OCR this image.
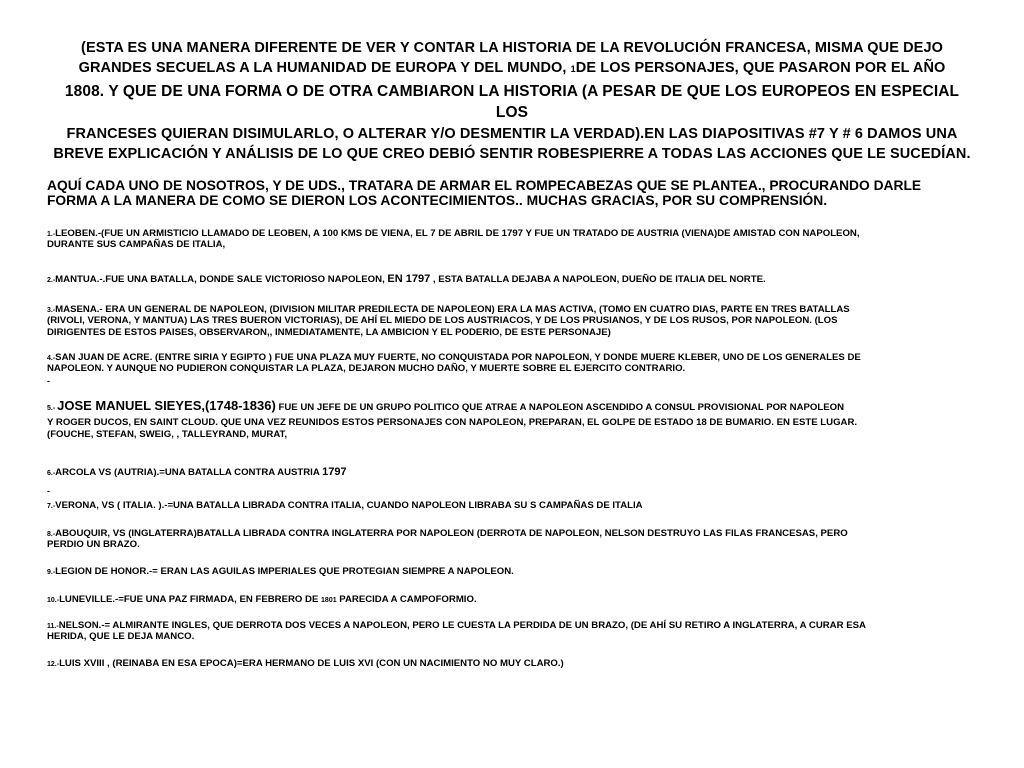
(ESTA ES UNA MANERA DIFERENTE DE VER Y CONTAR LA HISTORIA DE LA REVOLUCIÓN FRANCESA, MISMA QUE DEJO
GRANDES SECUELAS A LA HUMANIDAD DE EUROPA Y DEL MUNDO, 1DE LOS PERSONAJES, QUE PASARON POR EL AÑO
1808. Y QUE DE UNA FORMA O DE OTRA CAMBIARON LA HISTORIA (A PESAR DE QUE LOS EUROPEOS EN ESPECIAL LOS
FRANCESES QUIERAN DISIMULARLO, O ALTERAR Y/O DESMENTIR LA VERDAD).EN LAS DIAPOSITIVAS #7 Y # 6 DAMOS UNA
BREVE EXPLICACIÓN Y ANÁLISIS DE LO QUE CREO DEBIÓ SENTIR ROBESPIERRE A TODAS LAS ACCIONES QUE LE SUCEDÍAN.
AQUÍ CADA UNO DE NOSOTROS, Y DE UDS., TRATARA DE ARMAR EL ROMPECABEZAS QUE SE PLANTEA., PROCURANDO DARLE
FORMA A LA MANERA DE COMO SE DIERON LOS ACONTECIMIENTOS.. MUCHAS GRACIAS, POR SU COMPRENSIÓN.
1.-LEOBEN.-(FUE UN ARMISTICIO LLAMADO DE LEOBEN, A 100 KMS DE VIENA, EL 7 DE ABRIL DE 1797 Y FUE UN TRATADO DE AUSTRIA (VIENA)DE AMISTAD CON NAPOLEON,
DURANTE SUS CAMPAÑAS DE ITALIA,
2.-MANTUA.-.FUE UNA BATALLA, DONDE SALE VICTORIOSO NAPOLEON, EN 1797 , ESTA BATALLA DEJABA A NAPOLEON, DUEÑO DE ITALIA DEL NORTE.
3.-MASENA.- ERA UN GENERAL DE NAPOLEON, (DIVISION MILITAR PREDILECTA DE NAPOLEON) ERA LA MAS ACTIVA, (TOMO EN CUATRO DIAS, PARTE EN TRES BATALLAS
(RIVOLI, VERONA, Y MANTUA) LAS TRES BUERON VICTORIAS), DE AHÍ EL MIEDO DE LOS AUSTRIACOS, Y DE LOS PRUSIANOS, Y DE LOS RUSOS, POR NAPOLEON. (LOS
DIRIGENTES DE ESTOS PAISES, OBSERVARON,, INMEDIATAMENTE, LA AMBICION Y EL PODERIO, DE ESTE PERSONAJE)
4.-SAN JUAN DE ACRE. (ENTRE SIRIA Y EGIPTO ) FUE UNA PLAZA MUY FUERTE, NO CONQUISTADA POR NAPOLEON, Y DONDE MUERE KLEBER, UNO DE LOS GENERALES DE
NAPOLEON. Y AUNQUE NO PUDIERON CONQUISTAR LA PLAZA, DEJARON MUCHO DAÑO, Y MUERTE SOBRE EL EJERCITO CONTRARIO.
-
5.- JOSE MANUEL SIEYES,(1748-1836) FUE UN JEFE DE UN GRUPO POLITICO QUE ATRAE A NAPOLEON ASCENDIDO A CONSUL PROVISIONAL POR NAPOLEON
Y ROGER DUCOS, EN SAINT CLOUD. QUE UNA VEZ REUNIDOS ESTOS PERSONAJES CON NAPOLEON, PREPARAN, EL GOLPE DE ESTADO 18 DE BUMARIO. EN ESTE LUGAR.
(FOUCHE, STEFAN, SWEIG, , TALLEYRAND, MURAT,
6.-ARCOLA VS (AUTRIA).=UNA BATALLA CONTRA AUSTRIA 1797
-
7.-VERONA, VS ( ITALIA. ).-=UNA BATALLA LIBRADA CONTRA ITALIA, CUANDO NAPOLEON LIBRABA SU S CAMPAÑAS DE ITALIA
8.-ABOUQUIR, VS (INGLATERRA)BATALLA LIBRADA CONTRA INGLATERRA POR NAPOLEON (DERROTA DE NAPOLEON, NELSON DESTRUYO LAS FILAS FRANCESAS, PERO
PERDIO UN BRAZO.
9.-LEGION DE HONOR.-= ERAN LAS AGUILAS IMPERIALES QUE PROTEGIAN SIEMPRE A NAPOLEON.
10.-LUNEVILLE.-=FUE UNA PAZ FIRMADA, EN FEBRERO DE 1801 PARECIDA A CAMPOFORMIO.
11.-NELSON.-= ALMIRANTE INGLES, QUE DERROTA DOS VECES A NAPOLEON, PERO LE CUESTA LA PERDIDA DE UN BRAZO, (DE AHÍ SU RETIRO A INGLATERRA, A CURAR ESA
HERIDA, QUE LE DEJA MANCO.
12.-LUIS XVIII , (REINABA EN ESA EPOCA)=ERA HERMANO DE LUIS XVI (CON UN NACIMIENTO NO MUY CLARO.)
